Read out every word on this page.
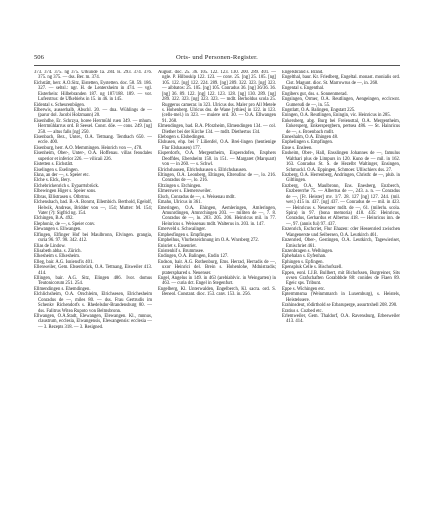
506	Orts- und Personen-Register.

373. 374. 375. ng 375. Urkunde 1a. 284. ls. 293. 374. 376. 375. ng 375. — dss. Ber. m. 374.

Eichstätt, herr. A.O.Sitz, Eistetten, Eystetten. doc. 58. 59. 186. 327. — seltsl.: ngr. H. de Lentersheim in 474. — vgl. Eisterhein: Hilbebranden 187. ng 187/188. 189. — vor. Luferstrus: de Ufkebiehs in 15. in 46. in 145.

Eidental s. Scheurenbügen.

Elberwis, ausserhalb, Abschl. 20. — dna. Wühlings de — (parur dol. Jacobi Holzmann) 20.

Eisenhdhe, Er. Schrzya, horee Herrmühl ruen 349. — mhum. Herrmühlarrus ord. B Seesel. Const. döe. — cons. 249. [ng] 250. — altus falls [ng] 250.

Eisenbach, Bez., Unter., O.A. Tettnang. Tentbach 650. — eccle. 400.

Eisenburg, herr. A.O. Memmingen. Heinrich von —, 478.

Eisenheim, Ober-, Unter-, O.A. Hoffenau. villas feoudales superior et inferior 226. — vilicaii 226.

Eistetten s. Eichstätt.

Eiselingen s. Eselingen.

Ekna, an der —, s. Speier etc.

Elche s. Elck, Bery.

Elchebrickenrich s. Eyparrtsbrück.

Elbewingen Higer s. Speier sons.

Elbras, Ellistrasen s. Olbrtrus.

Elchensbach, bad. B.-A. Bonrnt, Ellembich. Berthold, Egelolf, Helwik, Andreas, Bridder von —, 154; Mutter: M. 154; Vater (?): Sigfrid ng. 154.

Elchingen, B.A. 492.

Elephoniz, de —, s. Speier conv.

Elewangen s. Ellwangen.

Elfingen, Elfinger Hof bei Maulbronn, Elvingen. grangia, curia 96. 97. 98. 342. 412.

Elias de Lindow.

Elisabeth abba. s. Zürich.

Elkesheim s. Elkesheim.

Elleg, bair. A.G. Isniensfix 401.

Ellenweiler, Gem. Ebsenbrück, O.A. Tettnang, Elsweiler 413. 414.

Ellingen, bair. A.G. Sitz, Elingen 486. Ivor. domus Teutonicorum 251. 254.

Ellmendingen s. Ehemdingen.

Elchlichsheim, O.A. Orschleim, Elrichsesen, Elrichesheim Conradus de —, miles 80. — dss. Frau Gertrudis im Schenkv Richendorfs s. Rhedelsdor-Brandensburg 80. — dss. Falitrus Witea Rupoto von Belmsbronn.

Ellwangen, O.A.Stadt, Elewangen, Elewangen. Kl., mnnus, claustrum, ecclesia, Elwangensis, Elewangensis: ecclesia — — 3. Rezepts 318. — 3. Resigned.

August. doc. 25. 36. 105. 122. 123. 130. 200. 289. 401. — ngle. P. Hilboskip 122. 123. — conv. 25. [ng] 25. 105. [ng] 105. 122. [ng] 122. 224. 289. [ng] 289. 322. 323. [ng] 323. — aibbatos: 25. 105. [ng] 105. Conradus 36. [ng] 36/36. 36. [ng] 36. 89. 122. [ng] 122. 123. 128. [ng] 130. 289. [ng] 289. 322. 323. [ng] 323. 323. — mdlt. Berholdus scola 25. Ruggerus camerar. in 323. Ulricus dss. Maler pro All Metele s. Hohenberg. Ulricus dss. de Wane [ythies] in 122. in 123. (cells-mel.) in 323. — muiere ord. 30. — O.A. Ellwangen 91. 268.

Elmendingen, bad. B.A. Pforzheim, Elmendingen 134. — col. Diether bei der Kirche 134. — mdlt. Diethertus 134.

Elebogen s. Elsbedingen.

Elshusen, ehp. bei ? Lilienfel, O.A. Brei-lingen (hentienige Flur Elshausen) 177.

Eisperdorfs, O.A. Mergentheim, Eispersdofen, Ersphers Deoffdes, Ebersheim 150. in 151. — Margaret (Marquart) von — in 260. — s. Schwl.

Elrichshausen, Elrichshausen s. Ellrichshausen.

Eltingen, O.A. Leonberg, Eltingen, Eltersdinc de —, lo. 216. Conradus de —, lo. 216.

Eltzingen s. Etchingen.

Elmerswer s. Elemersweiler.

Elsch, Conradus de —, s. Weisenau mdlt.

Emaho, Ulricus in 361.

Emeringen, O.A. Ehingen, Aemleringen, Amleringen, Amunrdingen, Amnrchingen 203. — militen de —, 7. 8. Conradus de —, lo. 203. 205. 206. Heinricus mil. in 77. Heinricus s. Weissenau mdlt. Walterus in. 203. in. 147.

Emerveld s. Schwaiinger.

Emphesfingen s. Empfingen.

Emphelhus, Vlurbezeichnung im O.A. Wnrsberg 272.

Enisriet s. Ensenriet.

Enistenhif s. Brummsee.

Endingen, O.A. Balingen, Endin 127.

Endson, bair. A.G. Rothenburg, Ems. Herrad, Herradis de —, uxor Heinrici del. Brein s. Hohenlohe, Mdnistradis; ptatersphared s. Neuenser.

Engel, Angelus in 149. in 463 (arebiablvic. in Weingarten) in 463. — curia dct. Engel in Stegenfurt.

Engelberg, Kl. Unterwalden, Engelberch, Kl. sacra. ord. S. Beneol. Constant. dioc. 153. canv. 153. in. 256.

Engelsbrand s. Brand.

Engelthal, baur. Kr. Friedberg, Engeltal. monast. monialis ord. Cist. Magunt. dioc. St. Marrowrus de —, in. 268.

Engental s. Engenthal.

Engibers gut, dss. s. Sonnenmerad.

Engsingen, Ormer, O.A. Reutlingen, Aengeingen, ecclcwnt. Gumersdi de —, in. 55.

Engstlatt, O.A. Balingen, Engstatt 225.

Eningen, O.A. Reutlingen, Eningin, vic. Heinricus in 285.

Enkersberg, abg. Burg bei Freiensttal, O.A. Mergentheim, Enkersperg, Enkerspergbern, pertsea 486. — St. Hainricus de —, s. Broenbach mdlt.

Enneshalm, O.A. Ehingen 48.

Enphelingen s. Empfingen.

Ense s. Ensleen.

Ensheim, Ober-, Hall, Ensslingen Johannes de —, famulus Walthari plus de Limpurs in 120. Kuno de — mil. in 162. 163. Conradus St. S. de Hezelbt Waltinger, Ensingen, Schmuckl. O.A. Eppingen, Schmoer. Ullischiers dss. 27.

Enzberg, O.A. Herrenberg, Andringen, Christh: de —, plub. in Giltlingen.

Enzberg, O.A. Maulbronn, Ens. Enesberg, Enzberch, Enzbererrhe 75. — Albertus de —, 243. a. n. — Conradus de —, [Fr. Heister] mv. 1/7. 28. 127 [ng] 127. 244. (mil. wer.) 415 in. 437. [ng] 437. — Conradus de — mil. in 423. — Heinricus s. Neuenzer mdlt. de —, 61. (milerlu. scola. Spira) in 97. (bona memoria) 418. 435: Heinricus, Conradus, Gerhardus et Albertus 418. — Heinricus inn. de —, 97. (annis fui) 97. 437.

Enzenrich, Eschcriet, Flur Ehazen: cder Hessenried zwischen Wangenerste und Seibersen, O.A. Leutkirch 461.

Enzenried, Ober-, Gestingen, O.A. Leutkirch, Tagewieriset, Emischriet 461.

Enzenbragen s. Welhingen.

Ephehalan s. Eyfenhan.

Ephingen s. Epfingen.

Epenspluk Celle s. Bischofszell.

Eppen, eonl. I.J.B. Bullhert, mit Bichofssen, Burgreiner, Sits ovsen Grafschaften Gorabbbde 88: conides de Flaen 89. Egeic sps. Tribunt.

Eppe s. Wichingen etc.

Eptermmsma (Weinmmarch in Luxemburg), s. Heistels, Heistelssere.

Erahinsdeut, rödirthold se Erbaruperge, assurtrshell 208. 290.

Eratius s. Cozbed etc.

Erlemweiler, Gem. Thaldorf, O.A. Ravensburg, Erbesweiler 413. 414.
